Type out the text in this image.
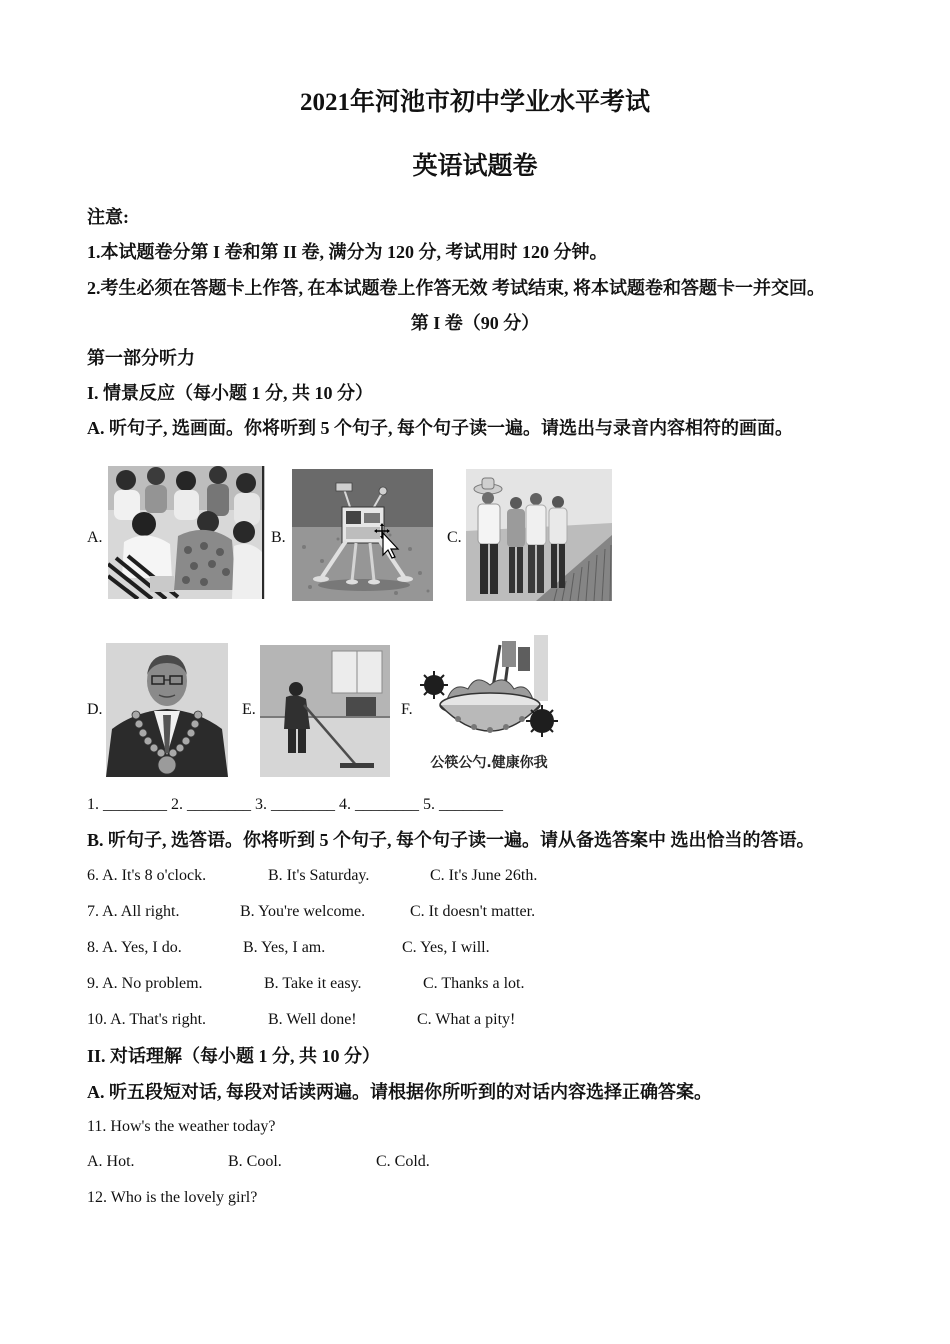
2021年河池市初中学业水平考试
英语试题卷
注意:
1.本试题卷分第 I 卷和第 II 卷, 满分为 120 分, 考试用时 120 分钟。
2.考生必须在答题卡上作答, 在本试题卷上作答无效 考试结束, 将本试题卷和答题卡一并交回。
第 I 卷（90 分）
第一部分听力
I. 情景反应（每小题 1 分, 共 10 分）
A. 听句子, 选画面。你将听到 5 个句子, 每个句子读一遍。请选出与录音内容相符的画面。
A.	B.	C.
D.	E.	F.
公筷公勺.健康你我
1. ________ 2. ________ 3. ________ 4. ________ 5. ________
B. 听句子, 选答语。你将听到 5 个句子, 每个句子读一遍。请从备选答案中 选出恰当的答语。
6. A. It's 8 o'clock.	B. It's Saturday.	C. It's June 26th.
7. A. All right.	B. You're welcome.	C. It doesn't matter.
8. A. Yes, I do.	B. Yes, I am.	C. Yes, I will.
9. A. No problem.	B. Take it easy.	C. Thanks a lot.
10. A. That's right.	B. Well done!	C. What a pity!
II. 对话理解（每小题 1 分, 共 10 分）
A. 听五段短对话, 每段对话读两遍。请根据你所听到的对话内容选择正确答案。
11. How's the weather today?
A. Hot.	B. Cool.	C. Cold.
12. Who is the lovely girl?
